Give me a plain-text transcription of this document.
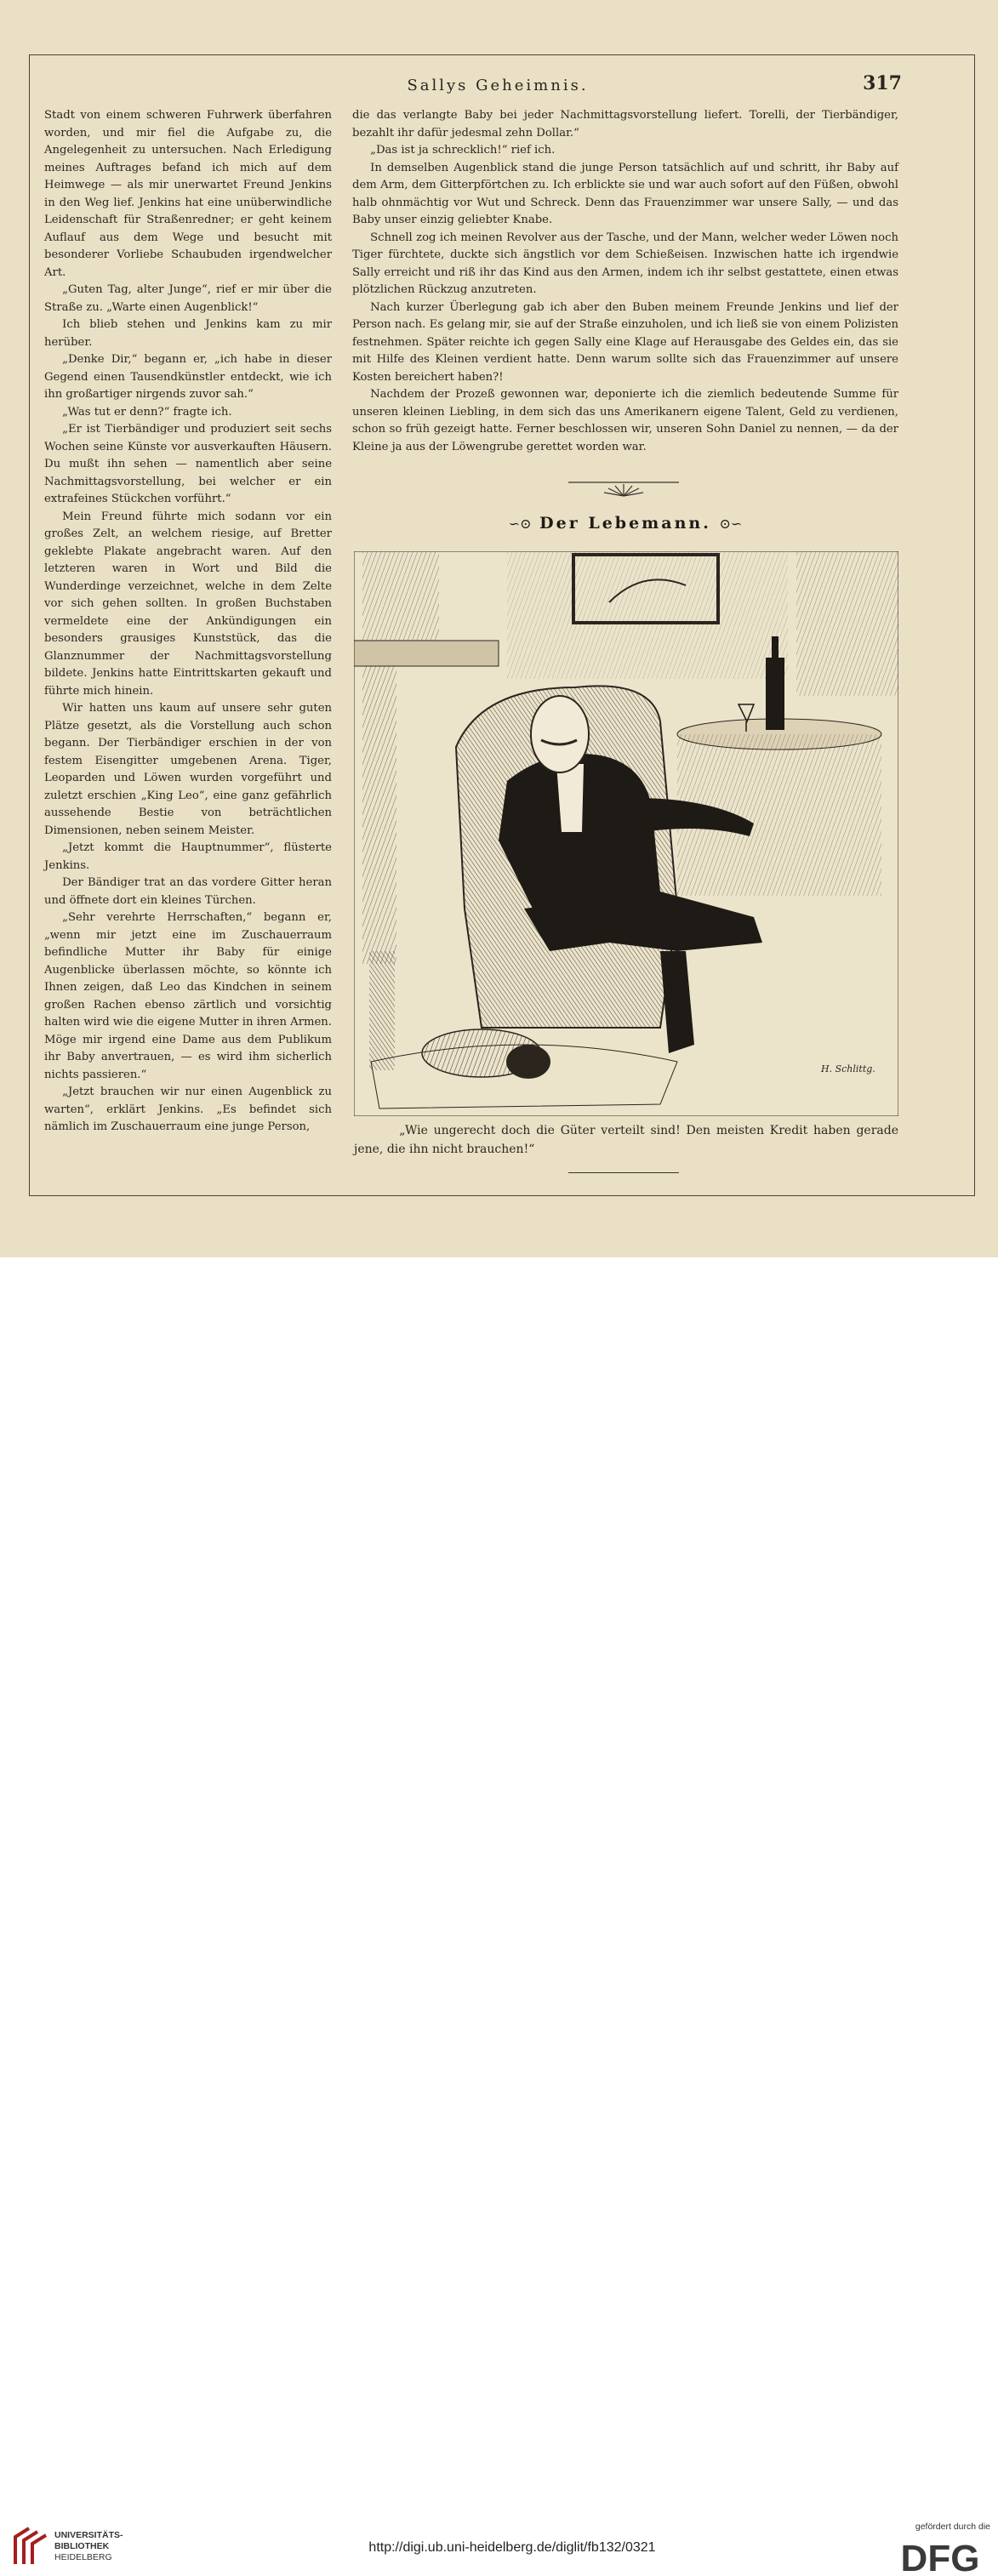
Sallys Geheimnis.	317

Stadt von einem schweren Fuhrwerk überfahren worden, und mir fiel die Aufgabe zu, die Angelegenheit zu untersuchen. Nach Erledigung meines Auftrages befand ich mich auf dem Heimwege — als mir unerwartet Freund Jenkins in den Weg lief. Jenkins hat eine unüberwindliche Leidenschaft für Straßenredner; er geht keinem Auflauf aus dem Wege und besucht mit besonderer Vorliebe Schaubuden irgendwelcher Art.

„Guten Tag, alter Junge“, rief er mir über die Straße zu. „Warte einen Augenblick!“

Ich blieb stehen und Jenkins kam zu mir herüber.

„Denke Dir,“ begann er, „ich habe in dieser Gegend einen Tausendkünstler entdeckt, wie ich ihn großartiger nirgends zuvor sah.“

„Was tut er denn?“ fragte ich.

„Er ist Tierbändiger und produziert seit sechs Wochen seine Künste vor ausverkauften Häusern. Du mußt ihn sehen — namentlich aber seine Nachmittagsvorstellung, bei welcher er ein extrafeines Stückchen vorführt.“

Mein Freund führte mich sodann vor ein großes Zelt, an welchem riesige, auf Bretter geklebte Plakate angebracht waren. Auf den letzteren waren in Wort und Bild die Wunderdinge verzeichnet, welche in dem Zelte vor sich gehen sollten. In großen Buchstaben vermeldete eine der Ankündigungen ein besonders grausiges Kunststück, das die Glanznummer der Nachmittagsvorstellung bildete. Jenkins hatte Eintrittskarten gekauft und führte mich hinein.

Wir hatten uns kaum auf unsere sehr guten Plätze gesetzt, als die Vorstellung auch schon begann. Der Tierbändiger erschien in der von festem Eisengitter umgebenen Arena. Tiger, Leoparden und Löwen wurden vorgeführt und zuletzt erschien „King Leo“, eine ganz gefährlich aussehende Bestie von beträchtlichen Dimensionen, neben seinem Meister.

„Jetzt kommt die Hauptnummer“, flüsterte Jenkins.

Der Bändiger trat an das vordere Gitter heran und öffnete dort ein kleines Türchen.

„Sehr verehrte Herrschaften,“ begann er, „wenn mir jetzt eine im Zuschauerraum befindliche Mutter ihr Baby für einige Augenblicke überlassen möchte, so könnte ich Ihnen zeigen, daß Leo das Kindchen in seinem großen Rachen ebenso zärtlich und vorsichtig halten wird wie die eigene Mutter in ihren Armen. Möge mir irgend eine Dame aus dem Publikum ihr Baby anvertrauen, — es wird ihm sicherlich nichts passieren.“

„Jetzt brauchen wir nur einen Augenblick zu warten“, erklärt Jenkins. „Es befindet sich nämlich im Zuschauerraum eine junge Person,

die das verlangte Baby bei jeder Nachmittagsvorstellung liefert. Torelli, der Tierbändiger, bezahlt ihr dafür jedesmal zehn Dollar.“

„Das ist ja schrecklich!“ rief ich.

In demselben Augenblick stand die junge Person tatsächlich auf und schritt, ihr Baby auf dem Arm, dem Gitterpförtchen zu. Ich erblickte sie und war auch sofort auf den Füßen, obwohl halb ohnmächtig vor Wut und Schreck. Denn das Frauenzimmer war unsere Sally, — und das Baby unser einzig geliebter Knabe.

Schnell zog ich meinen Revolver aus der Tasche, und der Mann, welcher weder Löwen noch Tiger fürchtete, duckte sich ängstlich vor dem Schießeisen. Inzwischen hatte ich irgendwie Sally erreicht und riß ihr das Kind aus den Armen, indem ich ihr selbst gestattete, einen etwas plötzlichen Rückzug anzutreten.

Nach kurzer Überlegung gab ich aber den Buben meinem Freunde Jenkins und lief der Person nach. Es gelang mir, sie auf der Straße einzuholen, und ich ließ sie von einem Polizisten festnehmen. Später reichte ich gegen Sally eine Klage auf Herausgabe des Geldes ein, das sie mit Hilfe des Kleinen verdient hatte. Denn warum sollte sich das Frauenzimmer auf unsere Kosten bereichert haben?!

Nachdem der Prozeß gewonnen war, deponierte ich die ziemlich bedeutende Summe für unseren kleinen Liebling, in dem sich das uns Amerikanern eigene Talent, Geld zu verdienen, schon so früh gezeigt hatte. Ferner beschlossen wir, unseren Sohn Daniel zu nennen, — da der Kleine ja aus der Löwengrube gerettet worden war.

∽⊙ Der Lebemann. ⊙∽
H. Schlittg.
„Wie ungerecht doch die Güter verteilt sind! Den meisten Kredit haben gerade jene, die ihn nicht brauchen!“
UNIVERSITÄTS-
BIBLIOTHEK
HEIDELBERG
http://digi.ub.uni-heidelberg.de/diglit/fb132/0321
gefördert durch die
DFG
